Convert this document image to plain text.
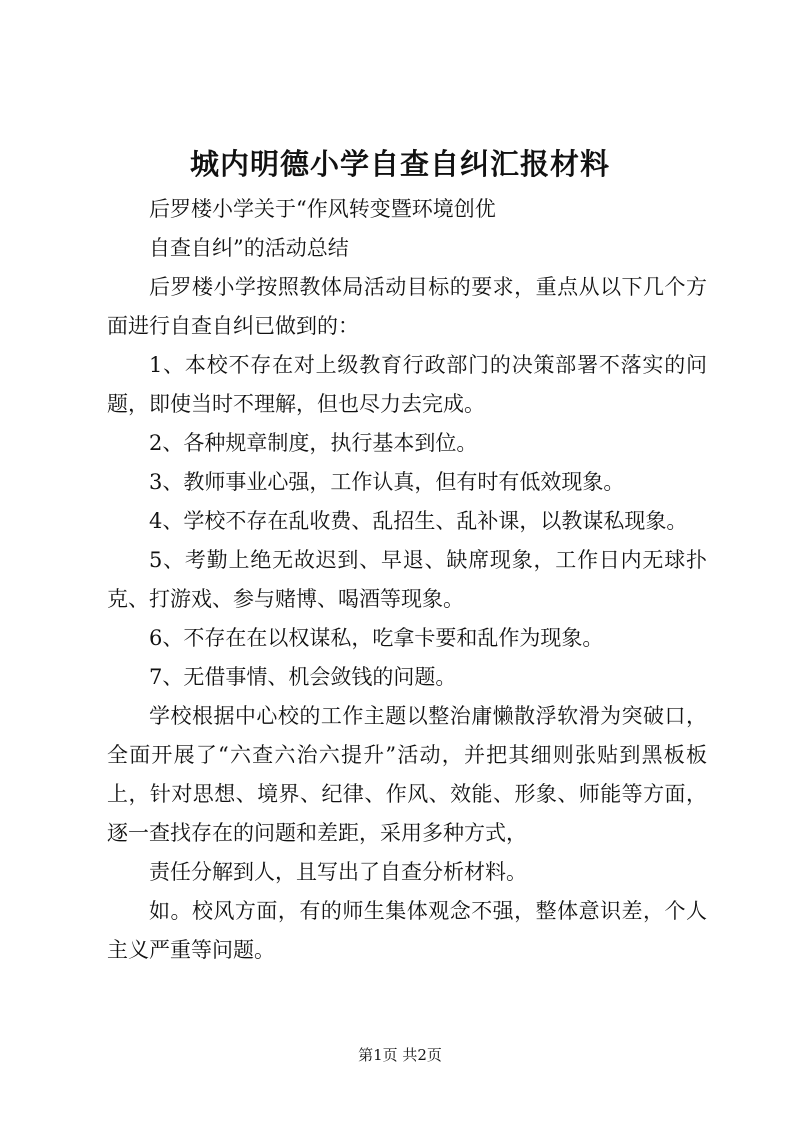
城内明德小学自查自纠汇报材料

后罗楼小学关于“作风转变暨环境创优

自查自纠”的活动总结

后罗楼小学按照教体局活动目标的要求，重点从以下几个方面进行自查自纠已做到的：

1、本校不存在对上级教育行政部门的决策部署不落实的问题，即使当时不理解，但也尽力去完成。

2、各种规章制度，执行基本到位。

3、教师事业心强，工作认真，但有时有低效现象。

4、学校不存在乱收费、乱招生、乱补课，以教谋私现象。

5、考勤上绝无故迟到、早退、缺席现象，工作日内无球扑克、打游戏、参与赌博、喝酒等现象。

6、不存在在以权谋私，吃拿卡要和乱作为现象。

7、无借事情、机会敛钱的问题。

学校根据中心校的工作主题以整治庸懒散浮软滑为突破口，全面开展了“六查六治六提升”活动，并把其细则张贴到黑板板上，针对思想、境界、纪律、作风、效能、形象、师能等方面，逐一查找存在的问题和差距，采用多种方式，

责任分解到人，且写出了自查分析材料。

如。校风方面，有的师生集体观念不强，整体意识差，个人主义严重等问题。

第1页 共2页
